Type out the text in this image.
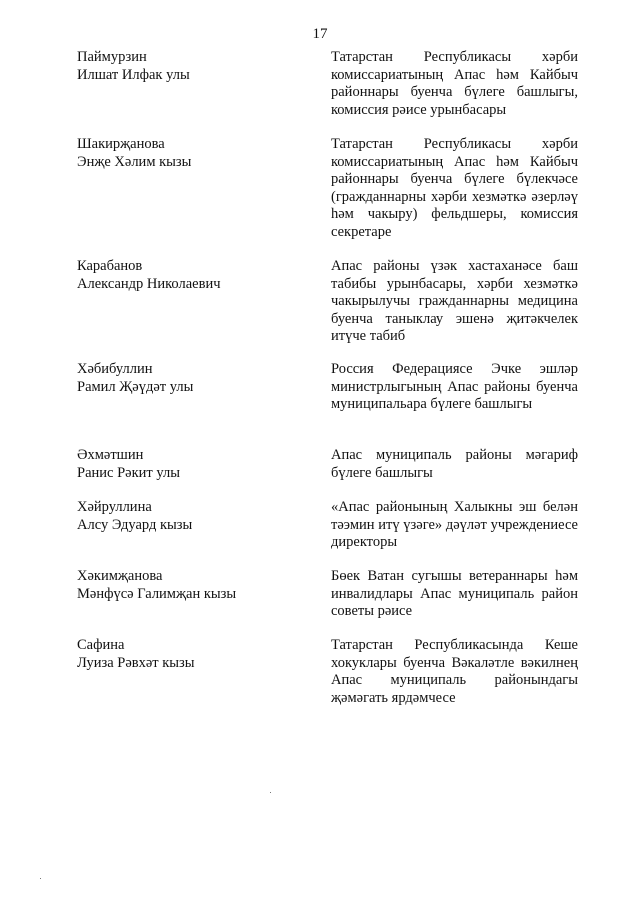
17
Паймурзин
Илшат Илфак улы
Татарстан Республикасы хәрби комиссариатының Апас һәм Кайбыч районнары буенча бүлеге башлыгы, комиссия рәисе урынбасары
Шакирҗанова
Энҗе Хәлим кызы
Татарстан Республикасы хәрби комиссариатының Апас һәм Кайбыч районнары буенча бүлеге бүлекчәсе (гражданнарны хәрби хезмәткә әзерләү һәм чакыру) фельдшеры, комиссия секретаре
Карабанов
Александр Николаевич
Апас районы үзәк хастаханәсе баш табибы урынбасары, хәрби хезмәткә чакырылучы гражданнарны медицина буенча таныклау эшенә җитәкчелек итүче табиб
Хәбибуллин
Рамил Җәүдәт улы
Россия Федерациясе Эчке эшләр министрлыгының Апас районы буенча муниципальара бүлеге башлыгы
Әхмәтшин
Ранис Рәкит улы
Апас муниципаль районы мәгариф бүлеге башлыгы
Хәйруллина
Алсу Эдуард кызы
«Апас районының Халыкны эш белән тәэмин итү үзәге» дәүләт учреждениесе директоры
Хәкимҗанова
Мәнфүсә Галимҗан кызы
Бөек Ватан сугышы ветераннары һәм инвалидлары Апас муниципаль район советы рәисе
Сафина
Луиза Рәвхәт кызы
Татарстан Республикасында Кеше хокуклары буенча Вәкаләтле вәкилнең Апас муниципаль районындагы җәмәгать ярдәмчесе
